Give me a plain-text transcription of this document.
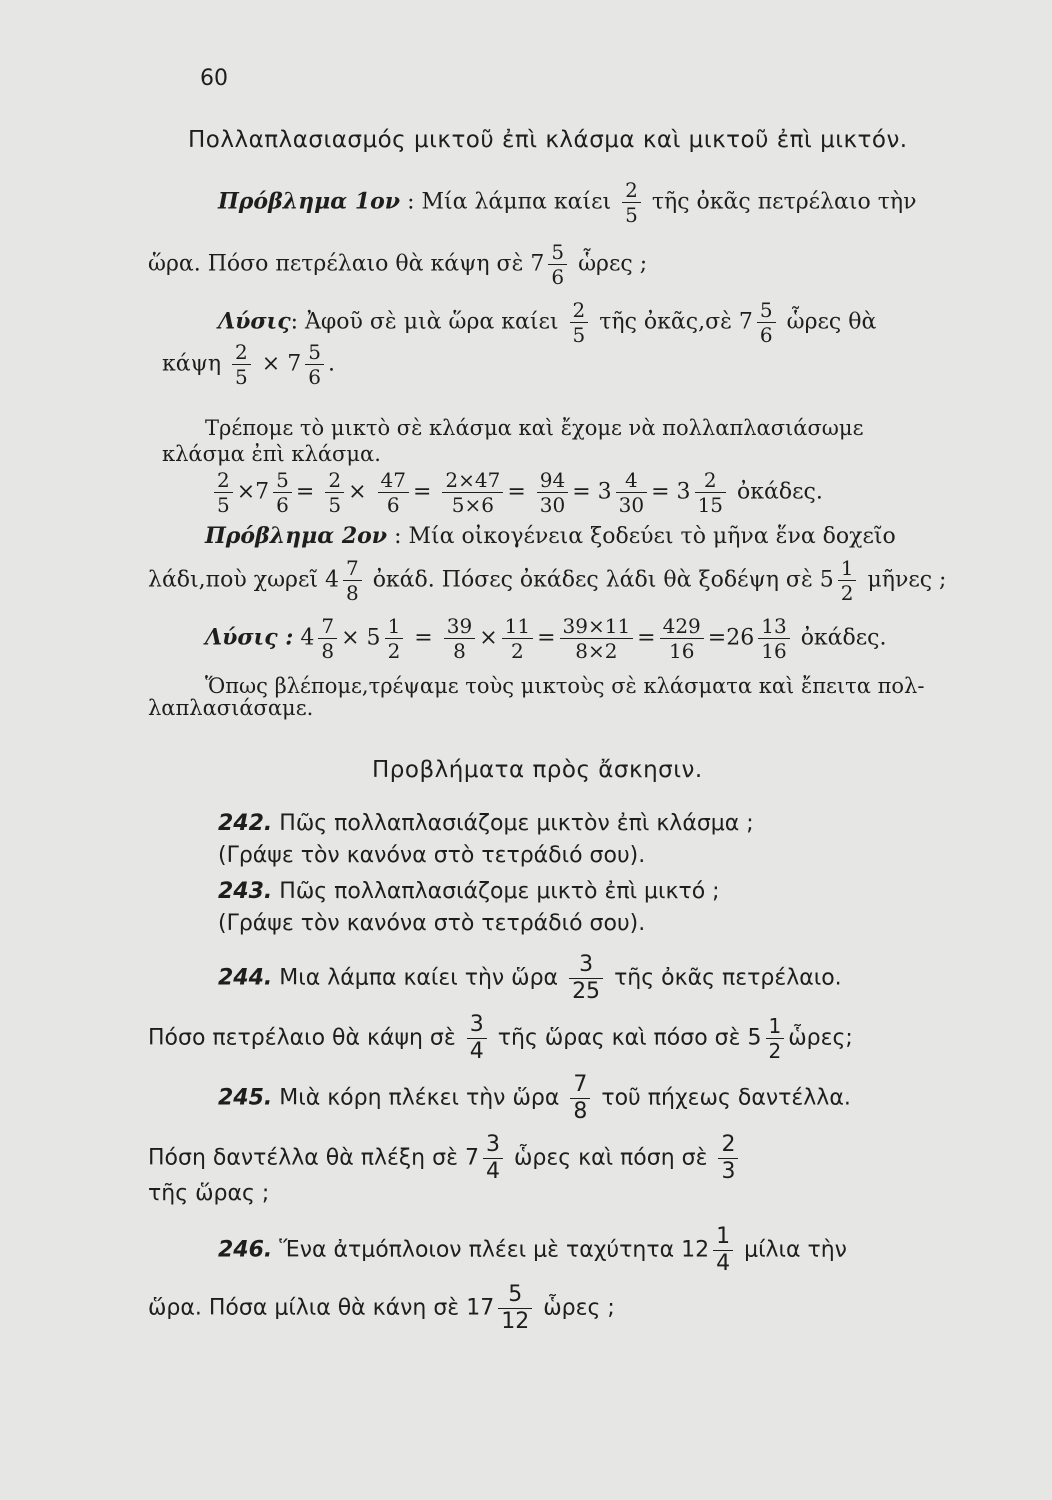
60
Πολλαπλασιασμός μικτοῦ ἐπὶ κλάσμα καὶ μικτοῦ ἐπὶ μικτόν.
Πρόβλημα 1ον : Μία λάμπα καίει $\frac{2}{5}$ τῆς ὀκᾶς πετρέλαιο τὴν
ὥρα. Πόσο πετρέλαιο θὰ κάψη σὲ $7 \frac{5}{6}$ ὧρες ;
Λύσις: Ἀφοῦ σὲ μιὰ ὥρα καίει $\frac{2}{5}$ τῆς ὀκᾶς,σὲ $7 \frac{5}{6}$ ὧρες θὰ
κάψη $\frac{2}{5} \times 7 \frac{5}{6}$ .
Τρέπομε τὸ μικτὸ σὲ κλάσμα καὶ ἔχομε νὰ πολλαπλασιάσωμε
κλάσμα ἐπὶ κλάσμα.
$\frac{2}{5} \times 7 \frac{5}{6} = \frac{2}{5} \times \frac{47}{6} = \frac{2\times 47}{5\times 6} = \frac{94}{30} = 3 \frac{4}{30} = 3 \frac{2}{15}$ ὀκάδες.
Πρόβλημα 2ον : Μία οἰκογένεια ξοδεύει τὸ μῆνα ἕνα δοχεῖο
λάδι,ποὺ χωρεῖ $4 \frac{7}{8}$ ὀκάδ. Πόσες ὀκάδες λάδι θὰ ξοδέψη σὲ $5 \frac{1}{2}$ μῆνες ;
Λύσις : $4 \frac{7}{8} \times 5 \frac{1}{2} = \frac{39}{8} \times \frac{11}{2} = \frac{39\times 11}{8\times 2} = \frac{429}{16} =26 \frac{13}{16}$ ὀκάδες.
Ὅπως βλέπομε,τρέψαμε τοὺς μικτοὺς σὲ κλάσματα καὶ ἔπειτα πολ-
λαπλασιάσαμε.
Προβλήματα πρὸς ἄσκησιν.
242. Πῶς πολλαπλασιάζομε μικτὸν ἐπὶ κλάσμα ;
(Γράψε τὸν κανόνα στὸ τετράδιό σου).
243. Πῶς πολλαπλασιάζομε μικτὸ ἐπὶ μικτό ;
(Γράψε τὸν κανόνα στὸ τετράδιό σου).
244. Μια λάμπα καίει τὴν ὥρα $\frac{3}{25}$ τῆς ὀκᾶς πετρέλαιο.
Πόσο πετρέλαιο θὰ κάψη σὲ $\frac{3}{4}$ τῆς ὥρας καὶ πόσο σὲ $5 \frac{1}{2}$ ὧρες;
245. Μιὰ κόρη πλέκει τὴν ὥρα $\frac{7}{8}$ τοῦ πήχεως δαντέλλα.
Πόση δαντέλλα θὰ πλέξη σὲ $7 \frac{3}{4}$ ὧρες καὶ πόση σὲ $\frac{2}{3}$
τῆς ὥρας ;
246. Ἕνα ἀτμόπλοιον πλέει μὲ ταχύτητα $12 \frac{1}{4}$ μίλια τὴν
ὥρα. Πόσα μίλια θὰ κάνη σὲ $17 \frac{5}{12}$ ὧρες ;
